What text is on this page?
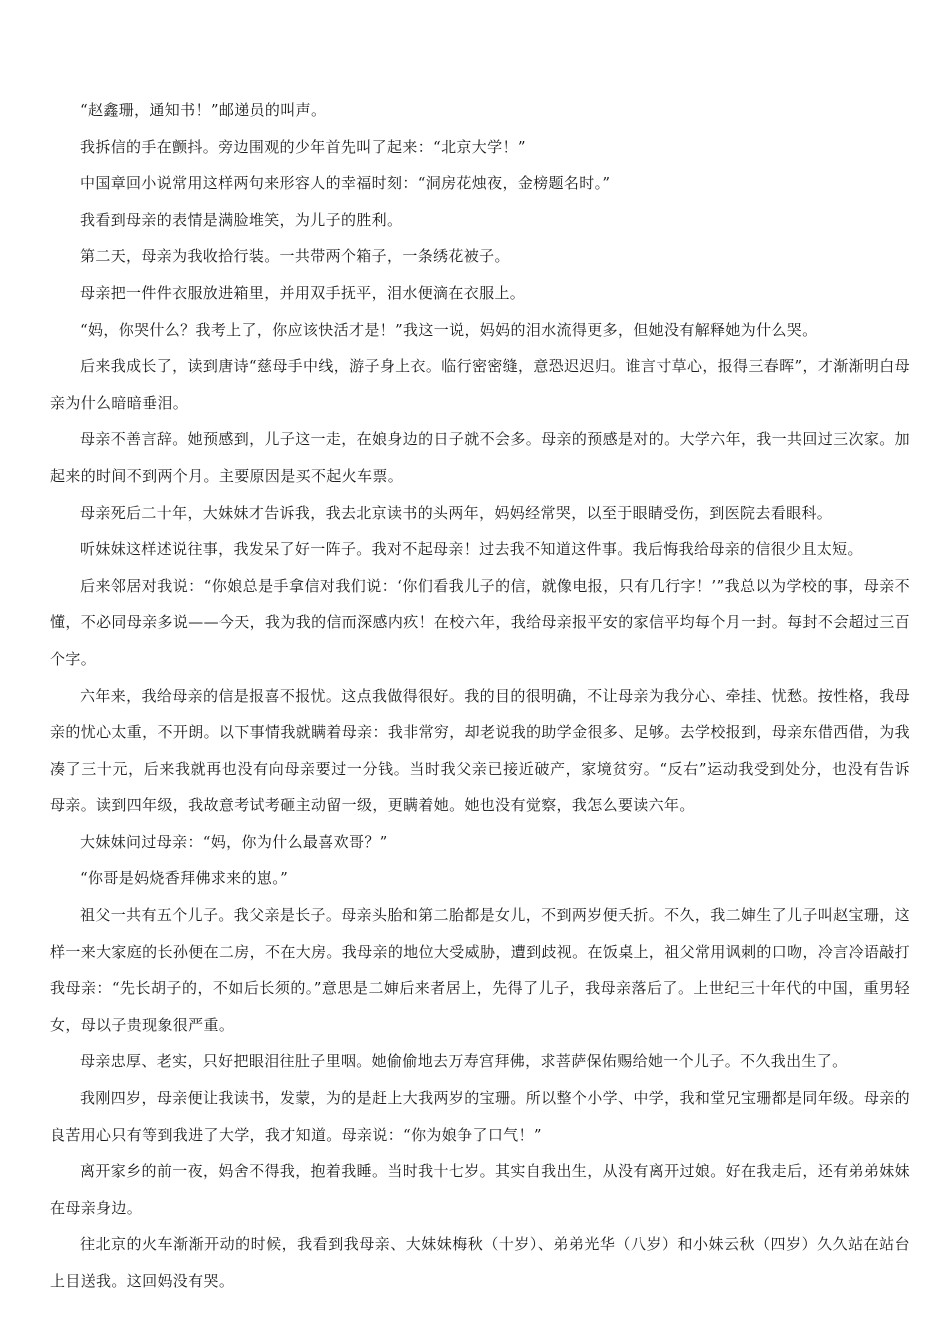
“赵鑫珊，通知书！”邮递员的叫声。

我拆信的手在颤抖。旁边围观的少年首先叫了起来：“北京大学！”

中国章回小说常用这样两句来形容人的幸福时刻：“洞房花烛夜，金榜题名时。”

我看到母亲的表情是满脸堆笑，为儿子的胜利。

第二天，母亲为我收拾行装。一共带两个箱子，一条绣花被子。

母亲把一件件衣服放进箱里，并用双手抚平，泪水便滴在衣服上。

“妈，你哭什么？我考上了，你应该快活才是！”我这一说，妈妈的泪水流得更多，但她没有解释她为什么哭。

后来我成长了，读到唐诗“慈母手中线，游子身上衣。临行密密缝，意恐迟迟归。谁言寸草心，报得三春晖”，才渐渐明白母亲为什么暗暗垂泪。

母亲不善言辞。她预感到，儿子这一走，在娘身边的日子就不会多。母亲的预感是对的。大学六年，我一共回过三次家。加起来的时间不到两个月。主要原因是买不起火车票。

母亲死后二十年，大妹妹才告诉我，我去北京读书的头两年，妈妈经常哭，以至于眼睛受伤，到医院去看眼科。

听妹妹这样述说往事，我发呆了好一阵子。我对不起母亲！过去我不知道这件事。我后悔我给母亲的信很少且太短。

后来邻居对我说：“你娘总是手拿信对我们说：‘你们看我儿子的信，就像电报，只有几行字！’”我总以为学校的事，母亲不懂，不必同母亲多说——今天，我为我的信而深感内疚！在校六年，我给母亲报平安的家信平均每个月一封。每封不会超过三百个字。

六年来，我给母亲的信是报喜不报忧。这点我做得很好。我的目的很明确，不让母亲为我分心、牵挂、忧愁。按性格，我母亲的忧心太重，不开朗。以下事情我就瞒着母亲：我非常穷，却老说我的助学金很多、足够。去学校报到，母亲东借西借，为我凑了三十元，后来我就再也没有向母亲要过一分钱。当时我父亲已接近破产，家境贫穷。“反右”运动我受到处分，也没有告诉母亲。读到四年级，我故意考试考砸主动留一级，更瞒着她。她也没有觉察，我怎么要读六年。

大妹妹问过母亲：“妈，你为什么最喜欢哥？”

“你哥是妈烧香拜佛求来的崽。”

祖父一共有五个儿子。我父亲是长子。母亲头胎和第二胎都是女儿，不到两岁便夭折。不久，我二婶生了儿子叫赵宝珊，这样一来大家庭的长孙便在二房，不在大房。我母亲的地位大受威胁，遭到歧视。在饭桌上，祖父常用讽刺的口吻，冷言冷语敲打我母亲：“先长胡子的，不如后长须的。”意思是二婶后来者居上，先得了儿子，我母亲落后了。上世纪三十年代的中国，重男轻女，母以子贵现象很严重。

母亲忠厚、老实，只好把眼泪往肚子里咽。她偷偷地去万寿宫拜佛，求菩萨保佑赐给她一个儿子。不久我出生了。

我刚四岁，母亲便让我读书，发蒙，为的是赶上大我两岁的宝珊。所以整个小学、中学，我和堂兄宝珊都是同年级。母亲的良苦用心只有等到我进了大学，我才知道。母亲说：“你为娘争了口气！”

离开家乡的前一夜，妈舍不得我，抱着我睡。当时我十七岁。其实自我出生，从没有离开过娘。好在我走后，还有弟弟妹妹在母亲身边。

往北京的火车渐渐开动的时候，我看到我母亲、大妹妹梅秋（十岁）、弟弟光华（八岁）和小妹云秋（四岁）久久站在站台上目送我。这回妈没有哭。
